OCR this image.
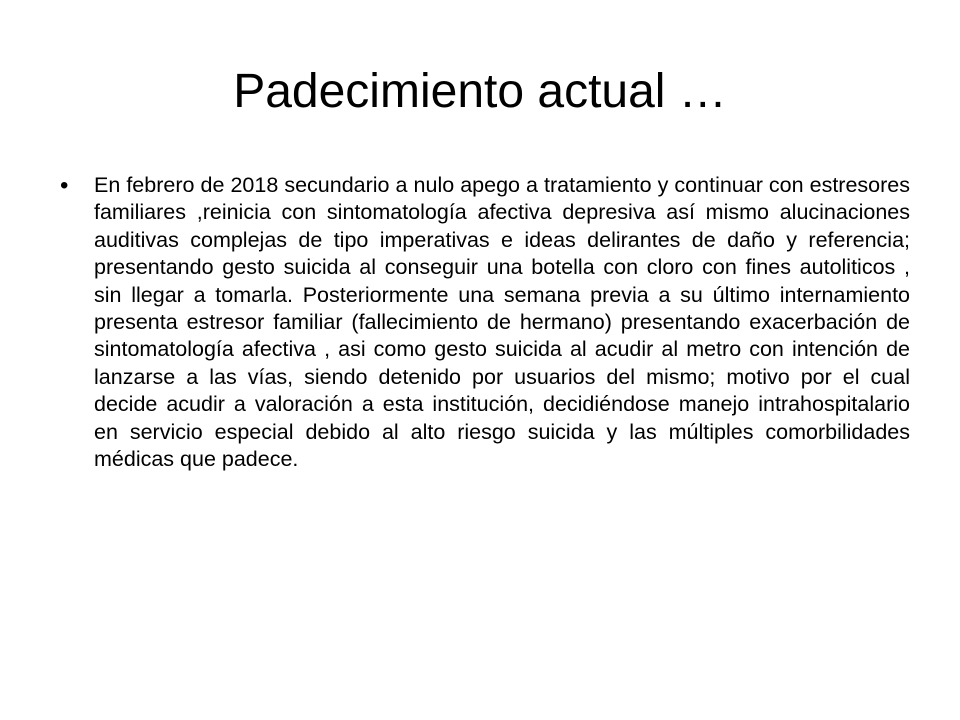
Padecimiento actual …
• En febrero de 2018 secundario a nulo apego a tratamiento y continuar con estresores familiares ,reinicia con sintomatología afectiva depresiva así mismo alucinaciones auditivas complejas de tipo imperativas e ideas delirantes de daño y referencia; presentando gesto suicida al conseguir una botella con cloro con fines autoliticos , sin llegar a tomarla. Posteriormente una semana previa a su último internamiento presenta estresor familiar (fallecimiento de hermano) presentando exacerbación de sintomatología afectiva , asi como gesto suicida al acudir al metro con intención de lanzarse a las vías, siendo detenido por usuarios del mismo; motivo por el cual decide acudir a valoración a esta institución, decidiéndose manejo intrahospitalario en servicio especial debido al alto riesgo suicida y las múltiples comorbilidades médicas que padece.
